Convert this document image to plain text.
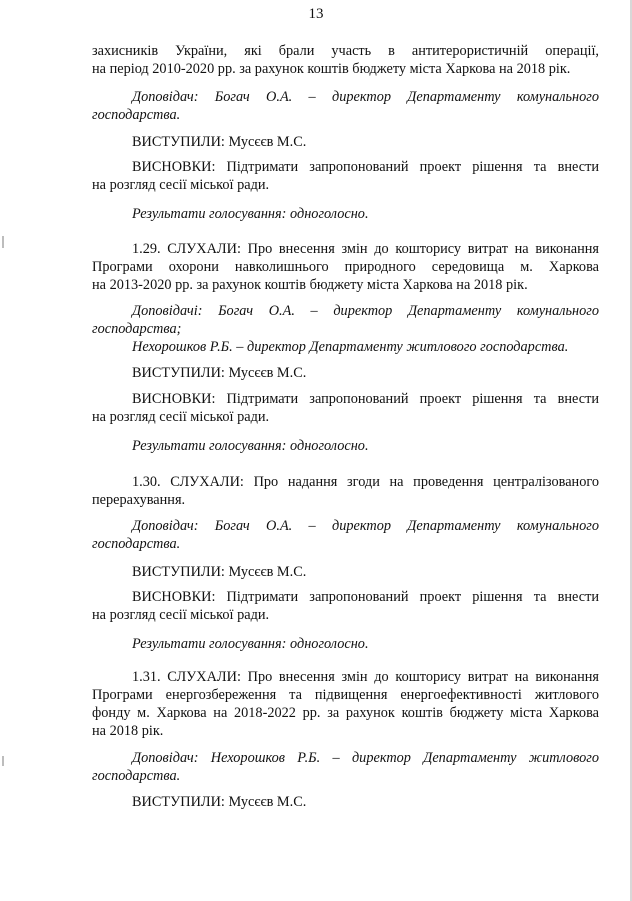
13
захисників України, які брали участь в антитерористичній операції,
на період 2010-2020 рр. за рахунок коштів бюджету міста Харкова на 2018 рік.
Доповідач: Богач О.А. – директор Департаменту комунального
господарства.
ВИСТУПИЛИ: Мусєєв М.С.
ВИСНОВКИ: Підтримати запропонований проект рішення та внести
на розгляд сесії міської ради.
Результати голосування: одноголосно.
1.29. СЛУХАЛИ: Про внесення змін до кошторису витрат на виконання
Програми охорони навколишнього природного середовища м. Харкова
на 2013-2020 рр. за рахунок коштів бюджету міста Харкова на 2018 рік.
Доповідачі: Богач О.А. – директор Департаменту комунального
господарства;
Нехорошков Р.Б. – директор Департаменту житлового господарства.
ВИСТУПИЛИ: Мусєєв М.С.
ВИСНОВКИ: Підтримати запропонований проект рішення та внести
на розгляд сесії міської ради.
Результати голосування: одноголосно.
1.30. СЛУХАЛИ: Про надання згоди на проведення централізованого
перерахування.
Доповідач: Богач О.А. – директор Департаменту комунального
господарства.
ВИСТУПИЛИ: Мусєєв М.С.
ВИСНОВКИ: Підтримати запропонований проект рішення та внести
на розгляд сесії міської ради.
Результати голосування: одноголосно.
1.31. СЛУХАЛИ: Про внесення змін до кошторису витрат на виконання
Програми енергозбереження та підвищення енергоефективності житлового
фонду м. Харкова на 2018-2022 рр. за рахунок коштів бюджету міста Харкова
на 2018 рік.
Доповідач: Нехорошков Р.Б. – директор Департаменту житлового
господарства.
ВИСТУПИЛИ: Мусєєв М.С.
